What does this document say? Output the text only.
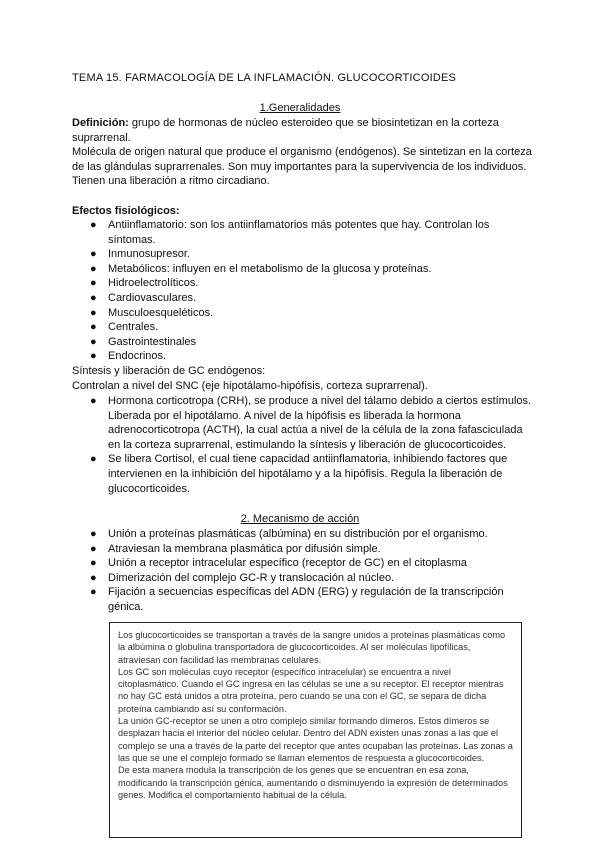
TEMA 15. FARMACOLOGÍA DE LA INFLAMACIÓN. GLUCOCORTICOIDES
1.Generalidades
Definición: grupo de hormonas de núcleo esteroideo que se biosintetizan en la corteza suprarrenal.
Molécula de origen natural que produce el organismo (endógenos). Se sintetizan en la corteza de las glándulas suprarrenales. Son muy importantes para la supervivencia de los individuos. Tienen una liberación a ritmo circadiano.
Efectos fisiológicos:
● Antiinflamatorio: son los antiinflamatorios más potentes que hay. Controlan los síntomas.
● Inmunosupresor.
● Metabólicos: influyen en el metabolismo de la glucosa y proteínas.
● Hidroelectrolíticos.
● Cardiovasculares.
● Musculoesqueléticos.
● Centrales.
● Gastrointestinales
● Endocrinos.
Síntesis y liberación de GC endógenos:
Controlan a nivel del SNC (eje hipotálamo-hipófisis, corteza suprarrenal).
● Hormona corticotropa (CRH), se produce a nivel del tálamo debido a ciertos estímulos. Liberada por el hipotálamo. A nivel de la hipófisis es liberada la hormona adrenocorticotropa (ACTH), la cual actúa a nivel de la célula de la zona fafasciculada en la corteza suprarrenal, estimulando la síntesis y liberación de glucocorticoides.
● Se libera Cortisol, el cual tiene capacidad antiinflamatoria, inhibiendo factores que intervienen en la inhibición del hipotálamo y a la hipófisis. Regula la liberación de glucocorticoides.
2. Mecanismo de acción
● Unión a proteínas plasmáticas (albúmina) en su distribución por el organismo.
● Atraviesan la membrana plasmática por difusión simple.
● Unión a receptor intracelular específico (receptor de GC) en el citoplasma
● Dimerización del complejo GC-R y translocación al núcleo.
● Fijación a secuencias específicas del ADN (ERG) y regulación de la transcripción génica.

Los glucocorticoides se transportan a través de la sangre unidos a proteínas plasmáticas como la albúmina o globulina transportadora de glucocorticoides. Al ser moléculas lipofílicas, atraviesan con facilidad las membranas celulares.

Los GC son moléculas cuyo receptor (específico intracelular) se encuentra a nivel citoplasmático. Cuando el GC ingresa en las células se une a su receptor. El receptor mientras no hay GC está unidos a otra proteína, pero cuando se una con el GC, se separa de dicha proteína cambiando así su conformación.

La unión GC-receptor se unen a otro complejo similar formando dímeros. Estos dímeros se desplazan hacia el interior del núcleo celular. Dentro del ADN existen unas zonas a las que el complejo se una a través de la parte del receptor que antes ocupaban las proteínas. Las zonas a las que se une el complejo formado se llaman elementos de respuesta a glucocorticoides.

De esta manera modula la transcripción de los genes que se encuentran en esa zona, modificando la transcripción génica, aumentando o disminuyendo la expresión de determinados genes. Modifica el comportamiento habitual de la célula.
